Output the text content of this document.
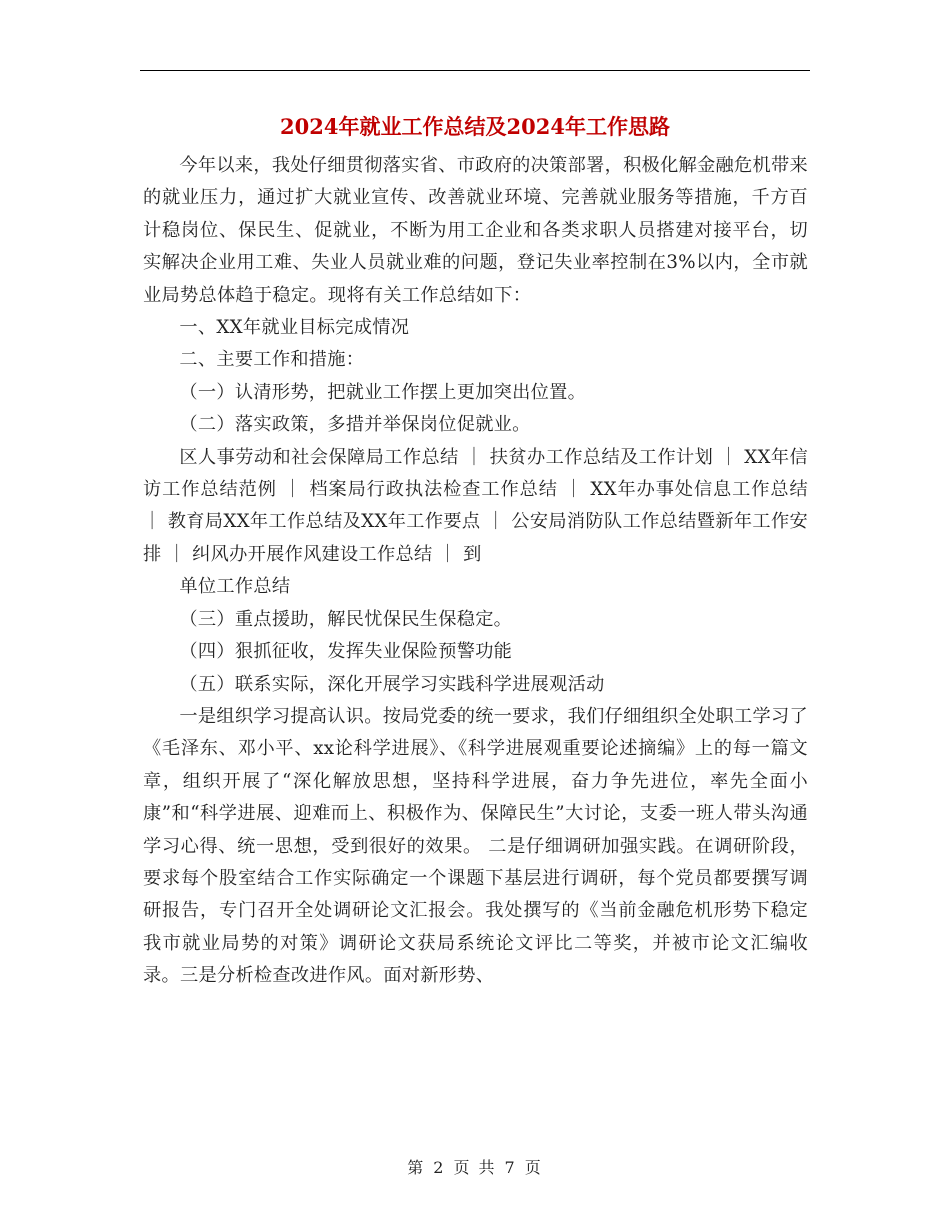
2024年就业工作总结及2024年工作思路

今年以来，我处仔细贯彻落实省、市政府的决策部署，积极化解金融危机带来的就业压力，通过扩大就业宣传、改善就业环境、完善就业服务等措施，千方百计稳岗位、保民生、促就业，不断为用工企业和各类求职人员搭建对接平台，切实解决企业用工难、失业人员就业难的问题，登记失业率控制在3%以内，全市就业局势总体趋于稳定。现将有关工作总结如下：

一、XX年就业目标完成情况

二、主要工作和措施：

（一）认清形势，把就业工作摆上更加突出位置。

（二）落实政策，多措并举保岗位促就业。

区人事劳动和社会保障局工作总结 ｜ 扶贫办工作总结及工作计划 ｜ XX年信访工作总结范例 ｜ 档案局行政执法检查工作总结 ｜ XX年办事处信息工作总结 ｜ 教育局XX年工作总结及XX年工作要点 ｜ 公安局消防队工作总结暨新年工作安排 ｜ 纠风办开展作风建设工作总结 ｜ 到

单位工作总结

（三）重点援助，解民忧保民生保稳定。

（四）狠抓征收，发挥失业保险预警功能

（五）联系实际，深化开展学习实践科学进展观活动

一是组织学习提高认识。按局党委的统一要求，我们仔细组织全处职工学习了《毛泽东、邓小平、xx论科学进展》、《科学进展观重要论述摘编》上的每一篇文章，组织开展了“深化解放思想，坚持科学进展，奋力争先进位，率先全面小康”和“科学进展、迎难而上、积极作为、保障民生”大讨论，支委一班人带头沟通学习心得、统一思想，受到很好的效果。 二是仔细调研加强实践。在调研阶段，要求每个股室结合工作实际确定一个课题下基层进行调研，每个党员都要撰写调研报告，专门召开全处调研论文汇报会。我处撰写的《当前金融危机形势下稳定我市就业局势的对策》调研论文获局系统论文评比二等奖，并被市论文汇编收录。三是分析检查改进作风。面对新形势、

第 2 页 共 7 页
